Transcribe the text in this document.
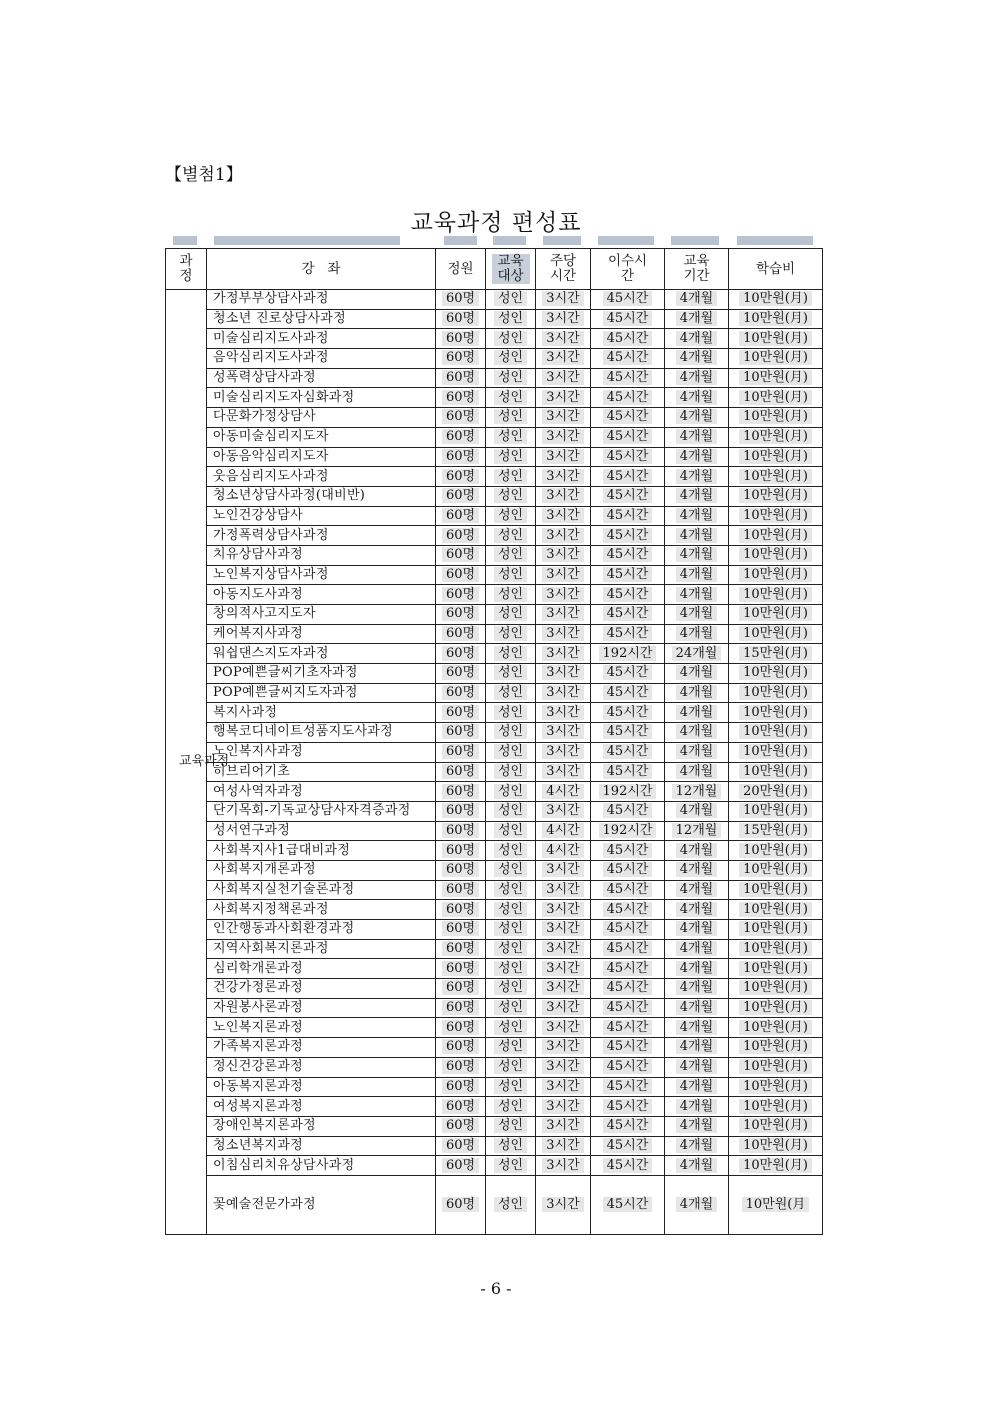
【별첨1】
교육과정 편성표
과정	강   좌	정원	교육대상	주당시간	이수시간	교육기간	학습비
교육과정	가정부부상담사과정	60명	성인	3시간	45시간	4개월	10만원(月)
	청소년 진로상담사과정	60명	성인	3시간	45시간	4개월	10만원(月)
	미술심리지도사과정	60명	성인	3시간	45시간	4개월	10만원(月)
	음악심리지도사과정	60명	성인	3시간	45시간	4개월	10만원(月)
	성폭력상담사과정	60명	성인	3시간	45시간	4개월	10만원(月)
	미술심리지도자심화과정	60명	성인	3시간	45시간	4개월	10만원(月)
	다문화가정상담사	60명	성인	3시간	45시간	4개월	10만원(月)
	아동미술심리지도자	60명	성인	3시간	45시간	4개월	10만원(月)
	아동음악심리지도자	60명	성인	3시간	45시간	4개월	10만원(月)
	웃음심리지도사과정	60명	성인	3시간	45시간	4개월	10만원(月)
	청소년상담사과정(대비반)	60명	성인	3시간	45시간	4개월	10만원(月)
	노인건강상담사	60명	성인	3시간	45시간	4개월	10만원(月)
	가정폭력상담사과정	60명	성인	3시간	45시간	4개월	10만원(月)
	치유상담사과정	60명	성인	3시간	45시간	4개월	10만원(月)
	노인복지상담사과정	60명	성인	3시간	45시간	4개월	10만원(月)
	아동지도사과정	60명	성인	3시간	45시간	4개월	10만원(月)
	창의적사고지도자	60명	성인	3시간	45시간	4개월	10만원(月)
	케어복지사과정	60명	성인	3시간	45시간	4개월	10만원(月)
	워쉽댄스지도자과정	60명	성인	3시간	192시간	24개월	15만원(月)
	POP예쁜글씨기초자과정	60명	성인	3시간	45시간	4개월	10만원(月)
	POP예쁜글씨지도자과정	60명	성인	3시간	45시간	4개월	10만원(月)
	복지사과정	60명	성인	3시간	45시간	4개월	10만원(月)
	행복코디네이트성품지도사과정	60명	성인	3시간	45시간	4개월	10만원(月)
	노인복지사과정	60명	성인	3시간	45시간	4개월	10만원(月)
	히브리어기초	60명	성인	3시간	45시간	4개월	10만원(月)
	여성사역자과정	60명	성인	4시간	192시간	12개월	20만원(月)
	단기목회-기독교상담사자격증과정	60명	성인	3시간	45시간	4개월	10만원(月)
	성서연구과정	60명	성인	4시간	192시간	12개월	15만원(月)
	사회복지사1급대비과정	60명	성인	4시간	45시간	4개월	10만원(月)
	사회복지개론과정	60명	성인	3시간	45시간	4개월	10만원(月)
	사회복지실천기술론과정	60명	성인	3시간	45시간	4개월	10만원(月)
	사회복지정책론과정	60명	성인	3시간	45시간	4개월	10만원(月)
	인간행동과사회환경과정	60명	성인	3시간	45시간	4개월	10만원(月)
	지역사회복지론과정	60명	성인	3시간	45시간	4개월	10만원(月)
	심리학개론과정	60명	성인	3시간	45시간	4개월	10만원(月)
	건강가정론과정	60명	성인	3시간	45시간	4개월	10만원(月)
	자원봉사론과정	60명	성인	3시간	45시간	4개월	10만원(月)
	노인복지론과정	60명	성인	3시간	45시간	4개월	10만원(月)
	가족복지론과정	60명	성인	3시간	45시간	4개월	10만원(月)
	정신건강론과정	60명	성인	3시간	45시간	4개월	10만원(月)
	아동복지론과정	60명	성인	3시간	45시간	4개월	10만원(月)
	여성복지론과정	60명	성인	3시간	45시간	4개월	10만원(月)
	장애인복지론과정	60명	성인	3시간	45시간	4개월	10만원(月)
	청소년복지과정	60명	성인	3시간	45시간	4개월	10만원(月)
	이침심리치유상담사과정	60명	성인	3시간	45시간	4개월	10만원(月)
	꽃예술전문가과정	60명	성인	3시간	45시간	4개월	10만원(月
- 6 -
